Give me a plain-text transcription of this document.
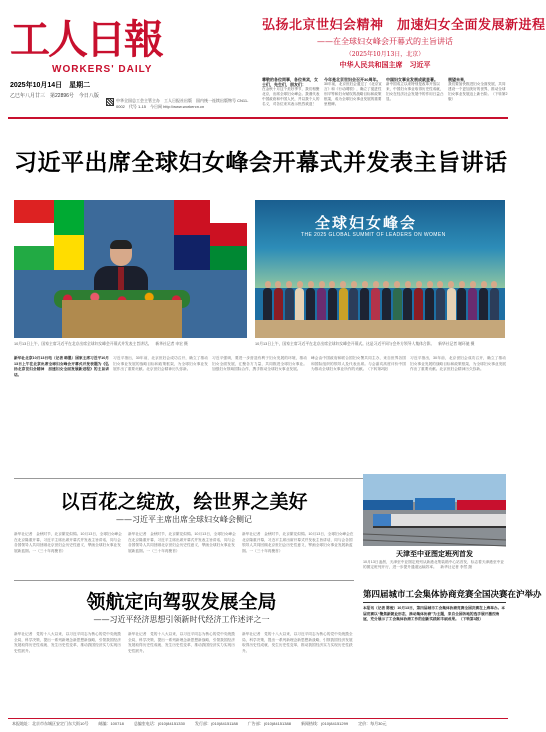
工人日報
WORKERS' DAILY
2025年10月14日　星期二
乙巳年八月廿三　第22896号　今日八版
中华全国总工会主管主办　工人日报社出版　国内统一连续出版物号 CN11-0002　代号 1-15　今日网 http://www.workercn.cn
弘扬北京世妇会精神　加速妇女全面发展新进程
——在全球妇女峰会开幕式的主旨讲话
（2025年10月13日，北京）
中华人民共和国主席　习近平
尊敬的各位同事，各位来宾，女士们，先生们，朋友们：
在金秋十月这个美好季节，我们相聚北京，出席全球妇女峰会。我谨代表中国政府和中国人民，并以我个人的名义，对各位来宾表示热烈欢迎！
今年是北京世妇会召开30周年。
30年前，北京世妇会通过了《北京宣言》和《行动纲领》，确立了促进性别平等和妇女赋权的战略目标和政策框架，成为全球妇女事业发展的重要里程碑。
中国妇女事业发展成就显著。
新中国成立以来特别是改革开放以来，中国妇女事业取得历史性成就，妇女在经济社会发展中的作用日益凸显。
展望未来，
我们要加快推进妇女全面发展，共同建设一个更加美好的世界，推动全球妇女事业发展迈上新台阶。（下转第2版）
习近平出席全球妇女峰会开幕式并发表主旨讲话
全球妇女峰会
THE 2025 GLOBAL SUMMIT OF LEADERS ON WOMEN
10月13日上午，国家主席习近平在北京出席全球妇女峰会开幕式并发表主旨讲话。　新华社记者 申宏 摄	10月13日上午，国家主席习近平在北京出席全球妇女峰会开幕式。这是习近平同与会外方领导人集体合影。　新华社记者 谢环驰 摄
新华社北京10月13日电（记者 韩墨）国家主席习近平10月13日上午在北京出席全球妇女峰会开幕式并发表题为《弘扬北京世妇会精神　加速妇女全面发展新进程》的主旨讲话。
习近平指出，30年前，北京世妇会成功召开，确立了推动妇女事业发展的战略目标和政策框架，为全球妇女事业发展作出了重要贡献。北京世妇会精神历久弥新。
习近平强调，要进一步营造有利于妇女发展的环境，推动妇女全面发展，汇聚各方力量，共同推进全球妇女事业。加强妇女领域国际合作，携手推动全球妇女事业发展。
峰会由中国政府和联合国妇女署共同主办，来自世界各国和国际组织的领导人及代表出席。与会嘉宾高度评价中国为推动全球妇女事业所作的贡献。（下转第2版）
习近平指出，30年前，北京世妇会成功召开，确立了推动妇女事业发展的战略目标和政策框架，为全球妇女事业发展作出了重要贡献。北京世妇会精神历久弥新。
以百花之绽放，绘世界之美好
——习近平主席出席全球妇女峰会侧记
新华社记者　金秋时节，北京繁花似锦。10月13日，全球妇女峰会在北京隆重开幕，习近平主席出席开幕式并发表主旨讲话，同与会各国领导人共同回顾北京世妇会历史性意义，擘画全球妇女事业发展新蓝图。一（三十年再聚首）
新华社记者　金秋时节，北京繁花似锦。10月13日，全球妇女峰会在北京隆重开幕，习近平主席出席开幕式并发表主旨讲话，同与会各国领导人共同回顾北京世妇会历史性意义，擘画全球妇女事业发展新蓝图。一（三十年再聚首）
新华社记者　金秋时节，北京繁花似锦。10月13日，全球妇女峰会在北京隆重开幕，习近平主席出席开幕式并发表主旨讲话，同与会各国领导人共同回顾北京世妇会历史性意义，擘画全球妇女事业发展新蓝图。一（三十年再聚首）	天津至中亚图定班列首发
10月13日凌晨，天津至中亚图定班列从新港北集装箱中心站首发，标志着天津港至中亚的图定班列开行，进一步提升通道运输效率。　新华社记者 李然 摄
领航定向驾驭发展全局
——习近平经济思想引领新时代经济工作述评之一
新华社记者　党的十八大以来，以习近平同志为核心的党中央统揽全局，科学决策，提出一系列新理念新思想新战略，引领我国经济发展取得历史性成就、发生历史性变革，推动我国经济实力实现历史性跃升。
新华社记者　党的十八大以来，以习近平同志为核心的党中央统揽全局，科学决策，提出一系列新理念新思想新战略，引领我国经济发展取得历史性成就、发生历史性变革，推动我国经济实力实现历史性跃升。
新华社记者　党的十八大以来，以习近平同志为核心的党中央统揽全局，科学决策，提出一系列新理念新思想新战略，引领我国经济发展取得历史性成就、发生历史性变革，推动我国经济实力实现历史性跃升。
第四届城市工会集体协商竞赛全国决赛在沪举办
本报讯（记者 陈俊）10月13日，第四届城市工会集体协商竞赛全国决赛在上海举办。本届竞赛以“聚焦新就业形态，推动集体协商”为主题，来自全国各地的选手展开激烈角逐，充分展示了工会集体协商工作的创新实践和丰硕成果。（下转第3版）
本报地址：北京市东城区安定门东大街10号	邮编：100718	总编室电话：(010)84151330	发行部：(010)84151188	广告部：(010)84151388	新闻热线：(010)84151299	定价：每月30元
